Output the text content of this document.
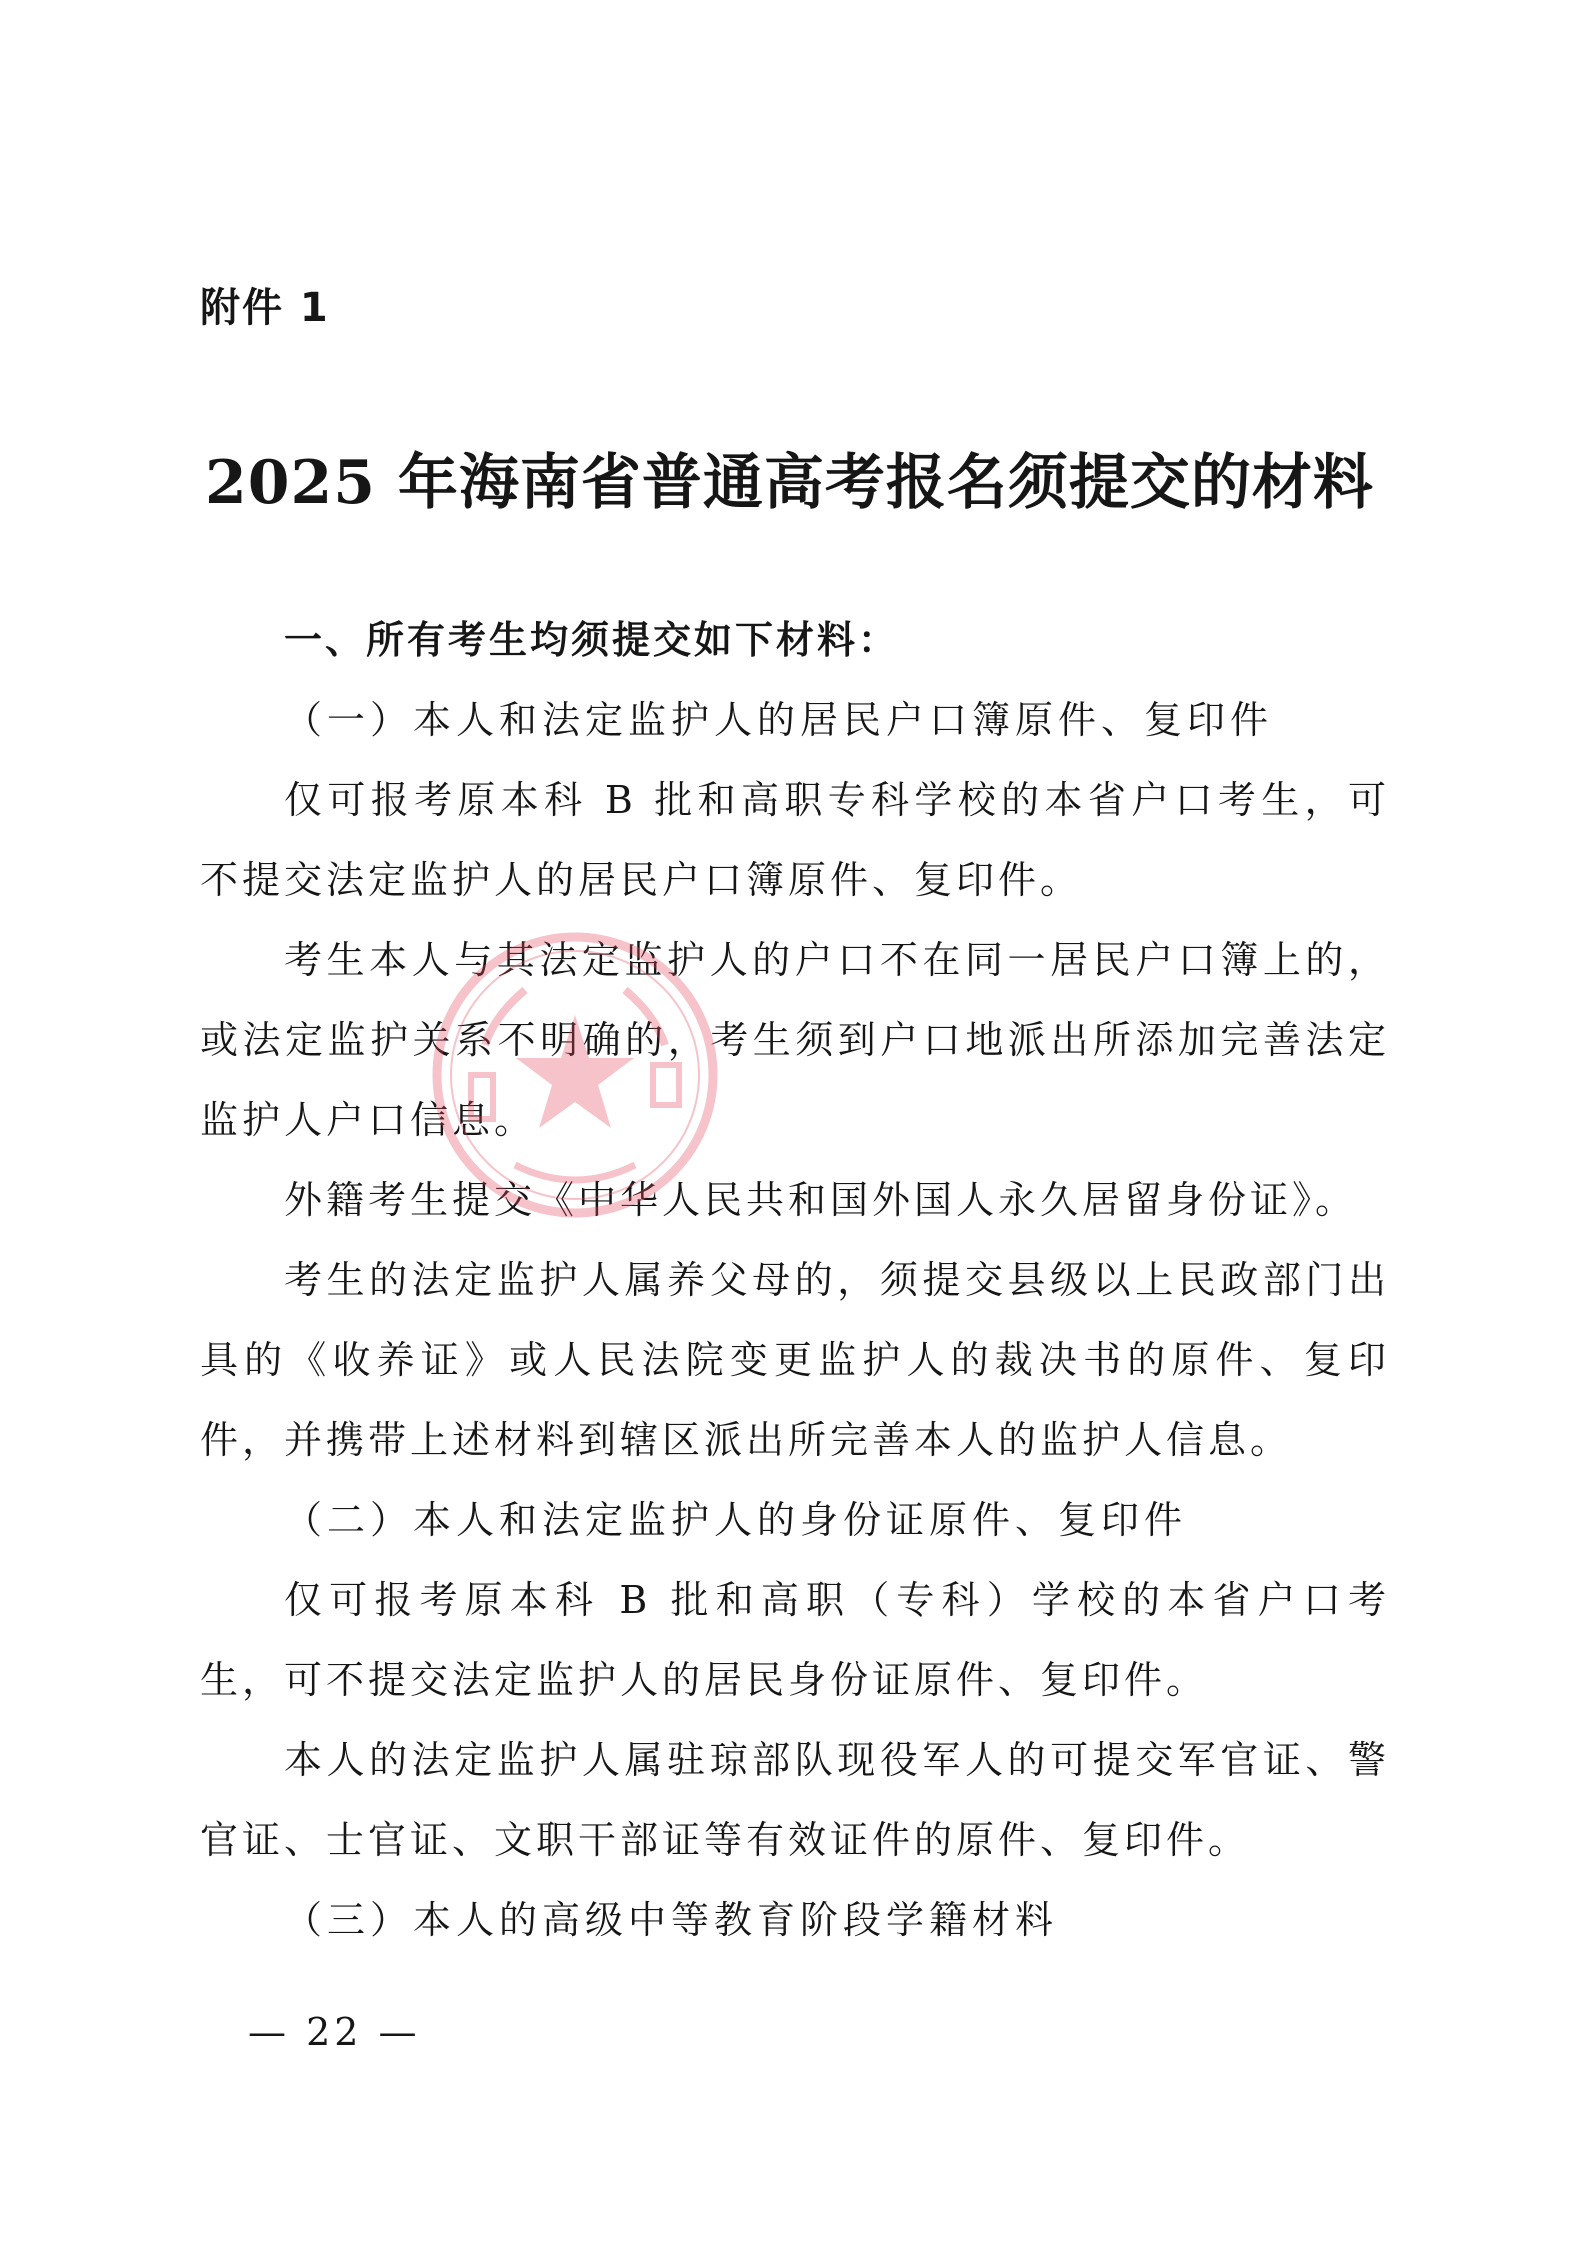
附件 1
2025 年海南省普通高考报名须提交的材料

一、所有考生均须提交如下材料：

（一）本人和法定监护人的居民户口簿原件、复印件

仅可报考原本科 B 批和高职专科学校的本省户口考生，可不提交法定监护人的居民户口簿原件、复印件。

考生本人与其法定监护人的户口不在同一居民户口簿上的，或法定监护关系不明确的，考生须到户口地派出所添加完善法定监护人户口信息。

外籍考生提交《中华人民共和国外国人永久居留身份证》。

考生的法定监护人属养父母的，须提交县级以上民政部门出具的《收养证》或人民法院变更监护人的裁决书的原件、复印件，并携带上述材料到辖区派出所完善本人的监护人信息。

（二）本人和法定监护人的身份证原件、复印件

仅可报考原本科 B 批和高职（专科）学校的本省户口考生，可不提交法定监护人的居民身份证原件、复印件。

本人的法定监护人属驻琼部队现役军人的可提交军官证、警官证、士官证、文职干部证等有效证件的原件、复印件。

（三）本人的高级中等教育阶段学籍材料

— 22 —
